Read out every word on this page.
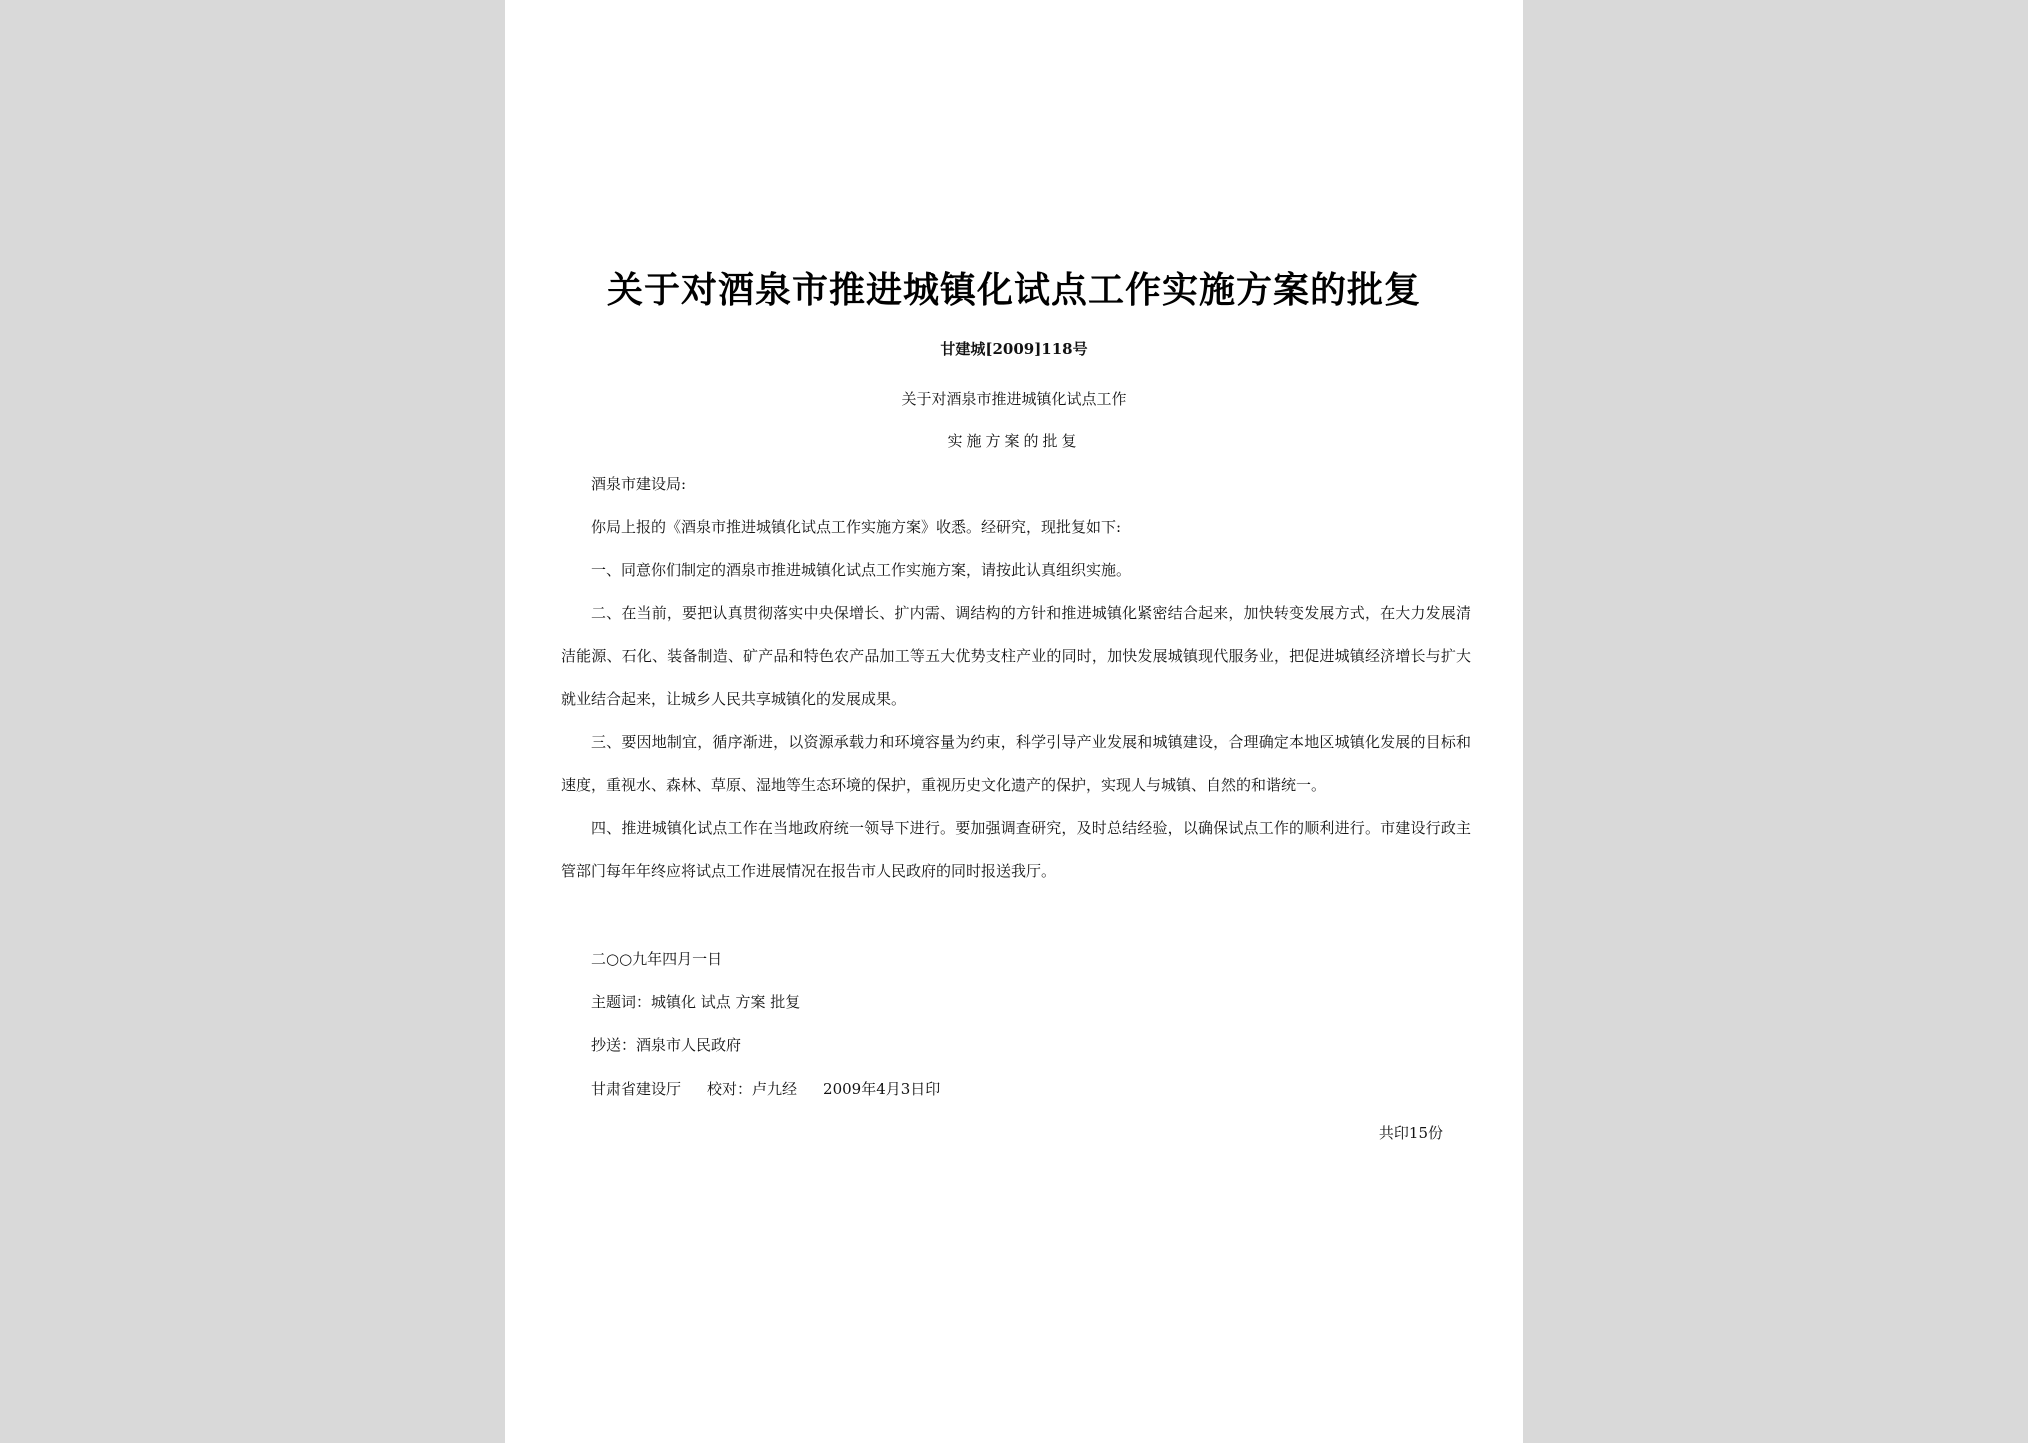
关于对酒泉市推进城镇化试点工作实施方案的批复
甘建城[2009]118号
关于对酒泉市推进城镇化试点工作
实施方案的批复

酒泉市建设局:

你局上报的《酒泉市推进城镇化试点工作实施方案》收悉。经研究，现批复如下:

一、同意你们制定的酒泉市推进城镇化试点工作实施方案，请按此认真组织实施。

二、在当前，要把认真贯彻落实中央保增长、扩内需、调结构的方针和推进城镇化紧密结合起来，加快转变发展方式，在大力发展清洁能源、石化、装备制造、矿产品和特色农产品加工等五大优势支柱产业的同时，加快发展城镇现代服务业，把促进城镇经济增长与扩大就业结合起来，让城乡人民共享城镇化的发展成果。

三、要因地制宜，循序渐进，以资源承载力和环境容量为约束，科学引导产业发展和城镇建设，合理确定本地区城镇化发展的目标和速度，重视水、森林、草原、湿地等生态环境的保护，重视历史文化遗产的保护，实现人与城镇、自然的和谐统一。

四、推进城镇化试点工作在当地政府统一领导下进行。要加强调查研究，及时总结经验，以确保试点工作的顺利进行。市建设行政主管部门每年年终应将试点工作进展情况在报告市人民政府的同时报送我厅。

二○○九年四月一日
主题词：城镇化 试点 方案 批复
抄送：酒泉市人民政府
甘肃省建设厅 校对：卢九经 2009年4月3日印
共印15份
